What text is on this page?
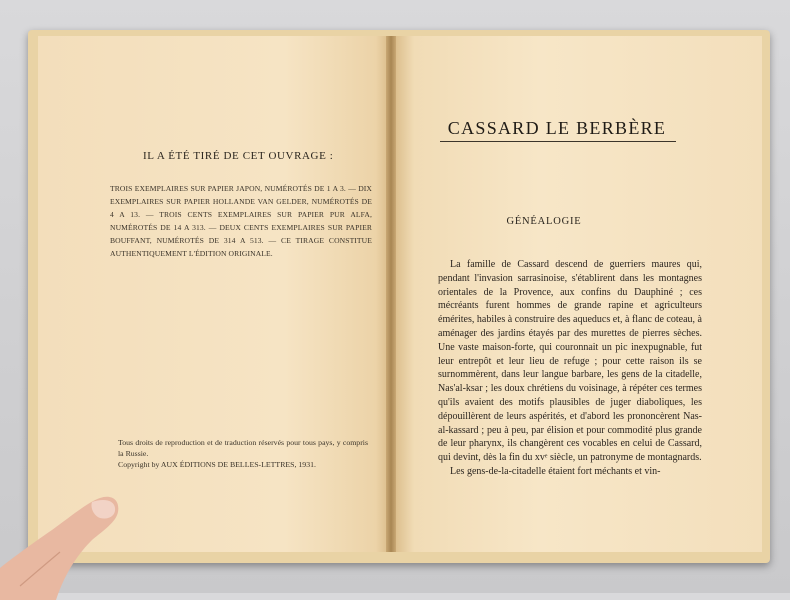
IL A ÉTÉ TIRÉ DE CET OUVRAGE :
TROIS EXEMPLAIRES SUR PAPIER JAPON, NUMÉROTÉS DE 1 A 3. — DIX EXEMPLAIRES SUR PAPIER HOLLANDE VAN GELDER, NUMÉROTÉS DE 4 A 13. — TROIS CENTS EXEMPLAIRES SUR PAPIER PUR ALFA, NUMÉROTÉS DE 14 A 313. — DEUX CENTS EXEMPLAIRES SUR PAPIER BOUFFANT, NUMÉROTÉS DE 314 A 513. — CE TIRAGE CONSTITUE AUTHENTIQUEMENT L'ÉDITION ORIGINALE.
Tous droits de reproduction et de traduction réservés pour tous pays, y compris la Russie.
Copyright by AUX ÉDITIONS DE BELLES-LETTRES, 1931.
CASSARD LE BERBÈRE
GÉNÉALOGIE

La famille de Cassard descend de guerriers maures qui, pendant l'invasion sarrasinoise, s'établirent dans les montagnes orientales de la Provence, aux confins du Dauphiné ; ces mécréants furent hommes de grande rapine et agriculteurs émérites, habiles à construire des aqueducs et, à flanc de coteau, à aménager des jardins étayés par des murettes de pierres sèches. Une vaste maison-forte, qui couronnait un pic inexpugnable, fut leur entrepôt et leur lieu de refuge ; pour cette raison ils se surnommèrent, dans leur langue barbare, les gens de la citadelle, Nas'al-ksar ; les doux chrétiens du voisinage, à répéter ces termes qu'ils avaient des motifs plausibles de juger diaboliques, les dépouillèrent de leurs aspérités, et d'abord les prononcèrent Nas-al-kassard ; peu à peu, par élision et pour commodité plus grande de leur pharynx, ils changèrent ces vocables en celui de Cassard, qui devint, dès la fin du xvᵉ siècle, un patronyme de montagnards.

Les gens-de-la-citadelle étaient fort méchants et vin-
